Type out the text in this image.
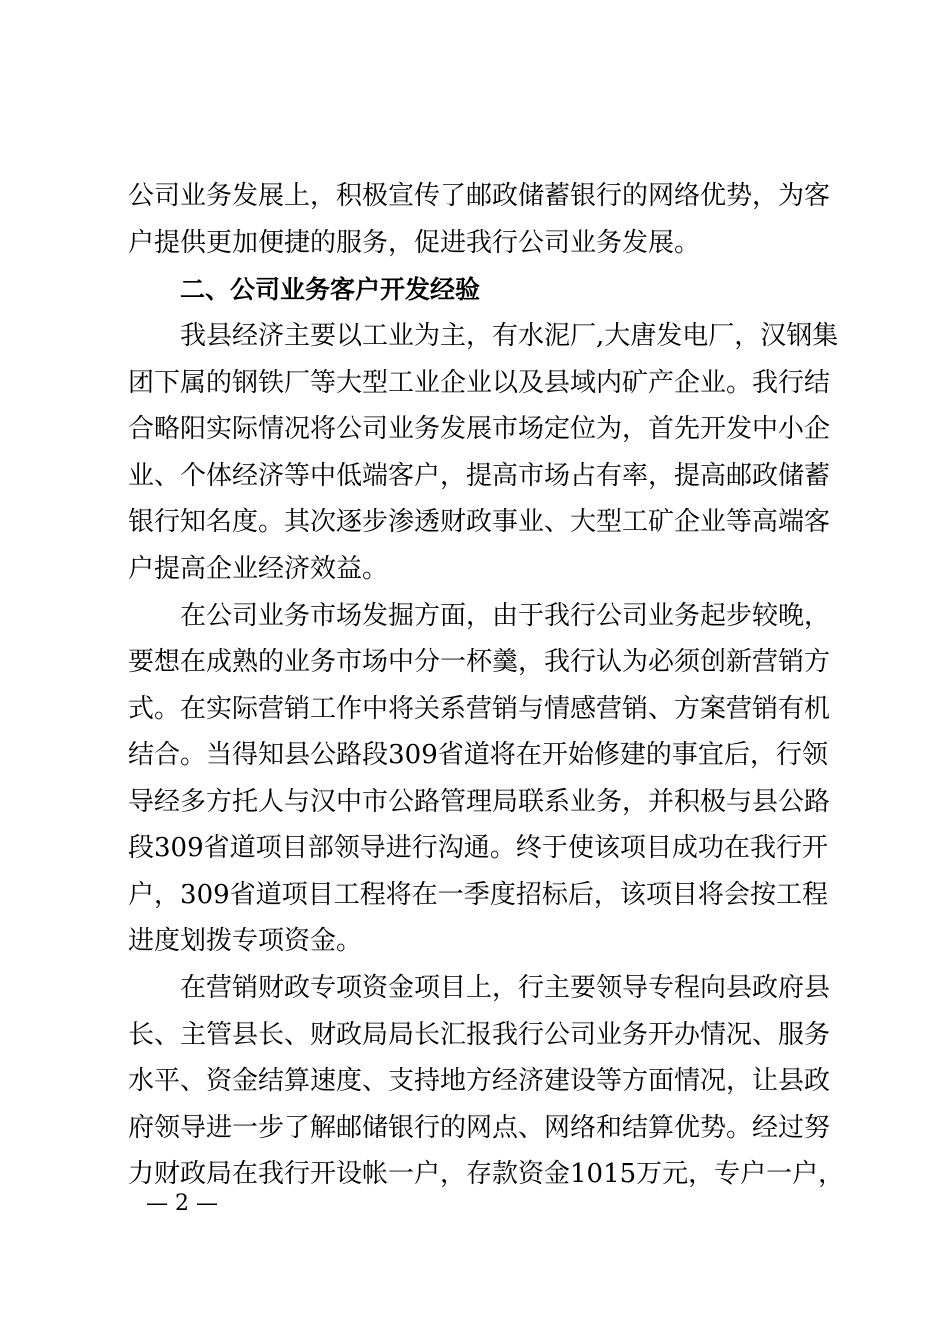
公司业务发展上，积极宣传了邮政储蓄银行的网络优势，为客
户提供更加便捷的服务，促进我行公司业务发展。
二、公司业务客户开发经验
我县经济主要以工业为主，有水泥厂,大唐发电厂，汉钢集
团下属的钢铁厂等大型工业企业以及县域内矿产企业。我行结
合略阳实际情况将公司业务发展市场定位为，首先开发中小企
业、个体经济等中低端客户，提高市场占有率，提高邮政储蓄
银行知名度。其次逐步渗透财政事业、大型工矿企业等高端客
户提高企业经济效益。
在公司业务市场发掘方面，由于我行公司业务起步较晚，
要想在成熟的业务市场中分一杯羹，我行认为必须创新营销方
式。在实际营销工作中将关系营销与情感营销、方案营销有机
结合。当得知县公路段309省道将在开始修建的事宜后，行领
导经多方托人与汉中市公路管理局联系业务，并积极与县公路
段309省道项目部领导进行沟通。终于使该项目成功在我行开
户，309省道项目工程将在一季度招标后，该项目将会按工程
进度划拨专项资金。
在营销财政专项资金项目上，行主要领导专程向县政府县
长、主管县长、财政局局长汇报我行公司业务开办情况、服务
水平、资金结算速度、支持地方经济建设等方面情况，让县政
府领导进一步了解邮储银行的网点、网络和结算优势。经过努
力财政局在我行开设帐一户，存款资金1015万元，专户一户，
— 2 —
